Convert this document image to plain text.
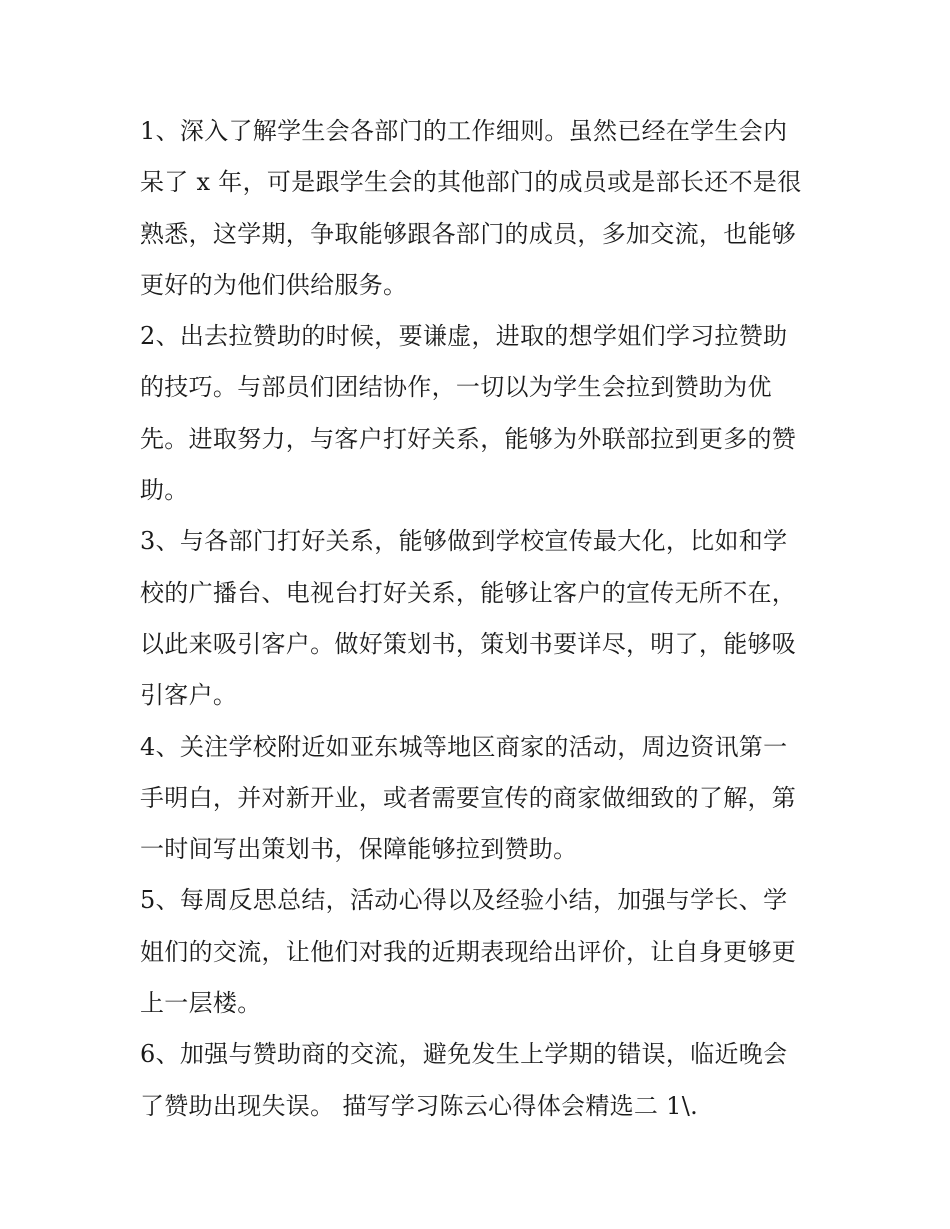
1、深入了解学生会各部门的工作细则。虽然已经在学生会内
呆了 x 年，可是跟学生会的其他部门的成员或是部长还不是很
熟悉，这学期，争取能够跟各部门的成员，多加交流，也能够
更好的为他们供给服务。
2、出去拉赞助的时候，要谦虚，进取的想学姐们学习拉赞助
的技巧。与部员们团结协作，一切以为学生会拉到赞助为优
先。进取努力，与客户打好关系，能够为外联部拉到更多的赞
助。
3、与各部门打好关系，能够做到学校宣传最大化，比如和学
校的广播台、电视台打好关系，能够让客户的宣传无所不在，
以此来吸引客户。做好策划书，策划书要详尽，明了，能够吸
引客户。
4、关注学校附近如亚东城等地区商家的活动，周边资讯第一
手明白，并对新开业，或者需要宣传的商家做细致的了解，第
一时间写出策划书，保障能够拉到赞助。
5、每周反思总结，活动心得以及经验小结，加强与学长、学
姐们的交流，让他们对我的近期表现给出评价，让自身更够更
上一层楼。
6、加强与赞助商的交流，避免发生上学期的错误，临近晚会
了赞助出现失误。 描写学习陈云心得体会精选二 1\.
